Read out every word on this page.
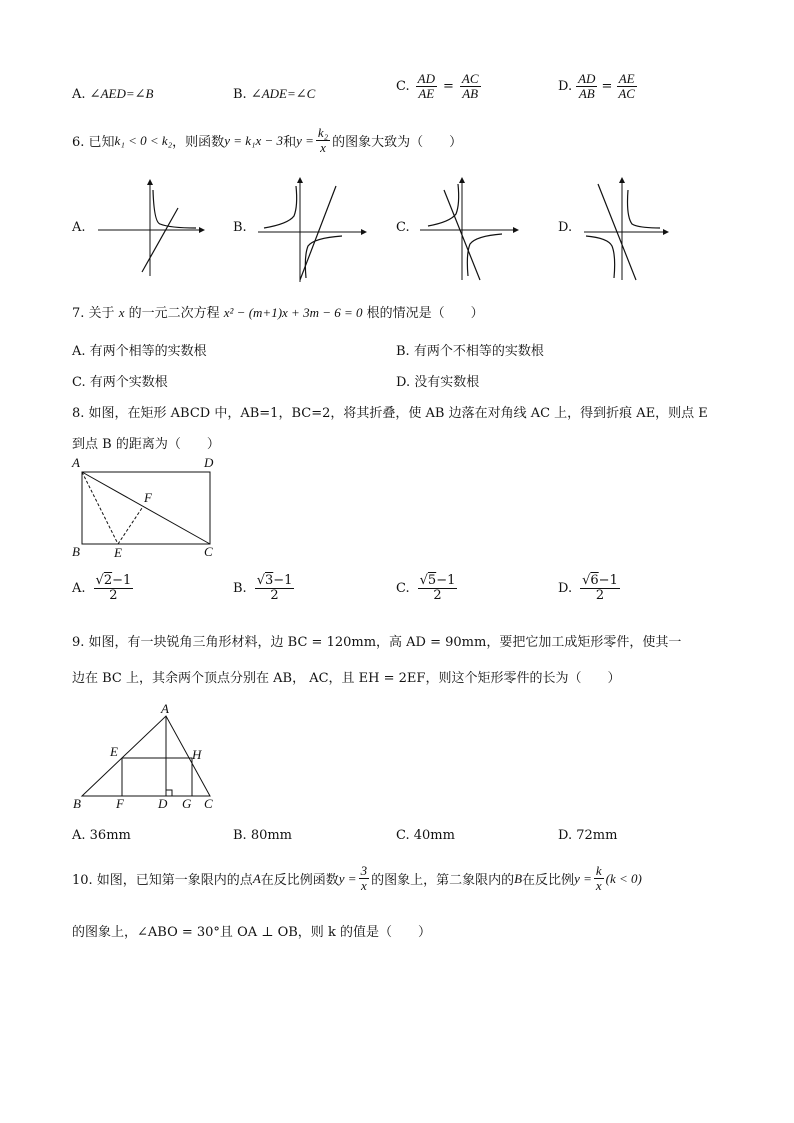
A. ∠AED=∠B	B. ∠ADE=∠C	C. $\frac{AD}{AE} = \frac{AC}{AB}$	D. $\frac{AD}{AB} = \frac{AE}{AC}$
6. 已知 k₁ < 0 < k₂ ，则函数 y = k₁x − 3 和 $y = \frac{\text{k₂}}{x}$ 的图象大致为（　　）
A.	B.	C.	D.
7. 关于 x 的一元二次方程 x² − (m+1)x + 3m − 6 = 0 根的情况是（　　）
A. 有两个相等的实数根	B. 有两个不相等的实数根
C. 有两个实数根	D. 没有实数根
8. 如图，在矩形 ABCD 中，AB=1，BC=2，将其折叠，使 AB 边落在对角线 AC 上，得到折痕 AE，则点 E
到点 B 的距离为（　　）
A	D
F
B	E	C
A. $\frac{√2-1}{2}$	B. $\frac{√3-1}{2}$	C. $\frac{√5-1}{2}$	D. $\frac{√6-1}{2}$
9. 如图，有一块锐角三角形材料，边 BC = 120mm，高 AD = 90mm，要把它加工成矩形零件，使其一
边在 BC 上，其余两个顶点分别在 AB， AC，且 EH = 2EF，则这个矩形零件的长为（　　）
A
E	H
B	F	D G C
A. 36mm	B. 80mm	C. 40mm	D. 72mm
10. 如图，已知第一象限内的点 A 在反比例函数 $y = \frac{3}{x}$ 的图象上，第二象限内的 B 在反比例 $y = \frac{k}{x} (k < 0)$
的图象上，∠ABO = 30°且 OA ⊥ OB，则 k 的值是（　　）
